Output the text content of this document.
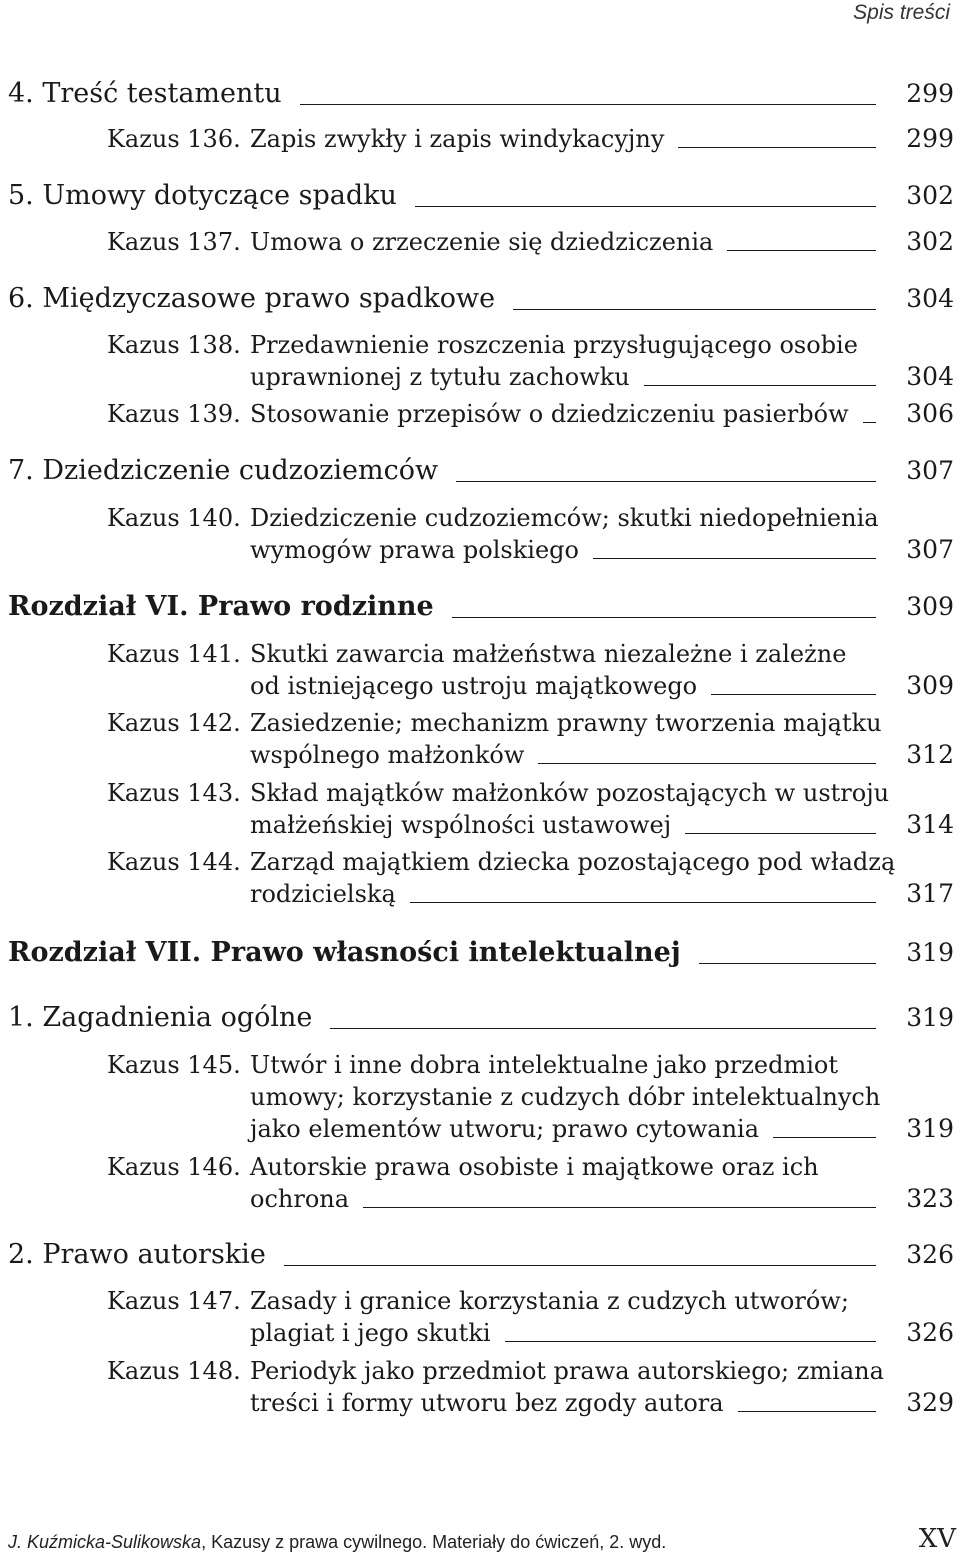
Spis treści
4. Treść testamentu	299
Kazus 136. Zapis zwykły i zapis windykacyjny	299
5. Umowy dotyczące spadku	302
Kazus 137. Umowa o zrzeczenie się dziedziczenia	302
6. Międzyczasowe prawo spadkowe	304
Kazus 138. Przedawnienie roszczenia przysługującego osobie
uprawnionej z tytułu zachowku	304
Kazus 139. Stosowanie przepisów o dziedziczeniu pasierbów 306
7. Dziedziczenie cudzoziemców	307
Kazus 140. Dziedziczenie cudzoziemców; skutki niedopełnienia
wymogów prawa polskiego	307
Rozdział VI. Prawo rodzinne	309
Kazus 141. Skutki zawarcia małżeństwa niezależne i zależne
od istniejącego ustroju majątkowego	309
Kazus 142. Zasiedzenie; mechanizm prawny tworzenia majątku
wspólnego małżonków	312
Kazus 143. Skład majątków małżonków pozostających w ustroju
małżeńskiej wspólności ustawowej	314
Kazus 144. Zarząd majątkiem dziecka pozostającego pod władzą
rodzicielską	317
Rozdział VII. Prawo własności intelektualnej	319
1. Zagadnienia ogólne	319
Kazus 145. Utwór i inne dobra intelektualne jako przedmiot
umowy; korzystanie z cudzych dóbr intelektualnych
jako elementów utworu; prawo cytowania	319
Kazus 146. Autorskie prawa osobiste i majątkowe oraz ich
ochrona	323
2. Prawo autorskie	326
Kazus 147. Zasady i granice korzystania z cudzych utworów;
plagiat i jego skutki	326
Kazus 148. Periodyk jako przedmiot prawa autorskiego; zmiana
treści i formy utworu bez zgody autora	329
J. Kuźmicka-Sulikowska, Kazusy z prawa cywilnego. Materiały do ćwiczeń, 2. wyd.	XV
